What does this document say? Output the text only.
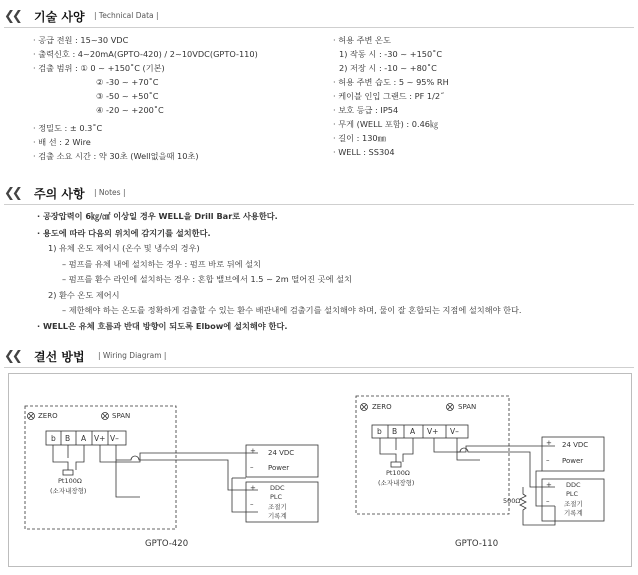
❮❮ 기술 사양 | Technical Data |
· 공급 전원 : 15~30 VDC
· 출력신호 : 4~20mA(GPTO-420) / 2~10VDC(GPTO-110)
· 검출 범위 : ① 0 ~ +150˚C (기본)
② -30 ~ +70˚C
③ -50 ~ +50˚C
④ -20 ~ +200˚C
· 정밀도 : ± 0.3˚C
· 배 선 : 2 Wire
· 검출 소요 시간 : 약 30초 (Well없을때 10초)
· 허용 주변 온도
1) 작동 시 : -30 ~ +150˚C
2) 저장 시 : -10 ~ +80˚C
· 허용 주변 습도 : 5 ~ 95% RH
· 케이블 인입 그랜드 : PF 1/2˝
· 보호 등급 : IP54
· 무게 (WELL 포함) : 0.46㎏
· 길이 : 130㎜
· WELL : SS304
❮❮ 주의 사항 | Notes |
· 공장압력이 6㎏/㎠ 이상일 경우 WELL을 Drill Bar로 사용한다.
· 용도에 따라 다음의 위치에 감지기를 설치한다.
1) 유체 온도 제어시 (온수 및 냉수의 경우)
– 펌프를 유체 내에 설치하는 경우 : 펌프 바로 뒤에 설치
– 펌프를 환수 라인에 설치하는 경우 : 혼합 밸브에서 1.5 ~ 2m 떨어진 곳에 설치
2) 환수 온도 제어시
– 제한해야 하는 온도를 정확하게 검출할 수 있는 환수 배관내에 검출기를 설치해야 하며, 물이 잘 혼합되는 지점에 설치해야 한다.
· WELL은 유체 흐름과 반대 방향이 되도록 Elbow에 설치해야 한다.
❮❮ 결선 방법 | Wiring Diagram |
ZERO	SPAN
b B A V+ V–
Pt100Ω
(소자내장형)
+ 24 VDC
– Power
+
–
DDC
PLC
조절기
기록계
GPTO-420
ZERO	SPAN
b B A V+ V–
Pt100Ω
(소자내장형)
+ 24 VDC
– Power
+
–
DDC
PLC
조절기
기록계
500Ω
GPTO-110
